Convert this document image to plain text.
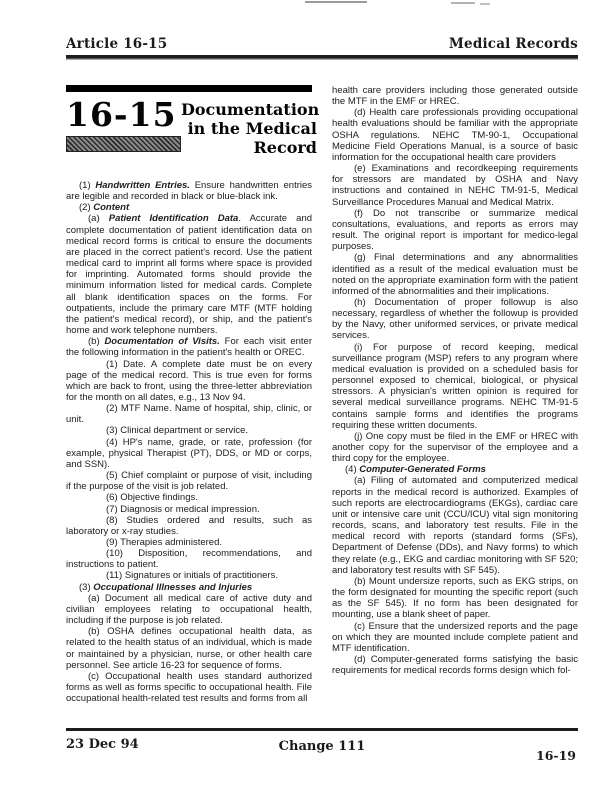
Article 16-15	Medical Records
16-15 Documentation in the Medical Record

(1) Handwritten Entries. Ensure handwritten entries are legible and recorded in black or blue-black ink.

(2) Content

(a) Patient Identification Data. Accurate and complete documentation of patient identification data on medical record forms is critical to ensure the documents are placed in the correct patient's record. Use the patient medical card to imprint all forms where space is provided for imprinting. Automated forms should provide the minimum information listed for medical cards. Complete all blank identification spaces on the forms. For outpatients, include the primary care MTF (MTF holding the patient's medical record), or ship, and the patient's home and work telephone numbers.

(b) Documentation of Visits. For each visit enter the following information in the patient's health or OREC.

(1) Date. A complete date must be on every page of the medical record. This is true even for forms which are back to front, using the three-letter abbreviation for the month on all dates, e.g., 13 Nov 94.

(2) MTF Name. Name of hospital, ship, clinic, or unit.

(3) Clinical department or service.

(4) HP's name, grade, or rate, profession (for example, physical Therapist (PT), DDS, or MD or corps, and SSN).

(5) Chief complaint or purpose of visit, including if the purpose of the visit is job related.

(6) Objective findings.

(7) Diagnosis or medical impression.

(8) Studies ordered and results, such as laboratory or x-ray studies.

(9) Therapies administered.

(10) Disposition, recommendations, and instructions to patient.

(11) Signatures or initials of practitioners.

(3) Occupational Illnesses and Injuries

(a) Document all medical care of active duty and civilian employees relating to occupational health, including if the purpose is job related.

(b) OSHA defines occupational health data, as related to the health status of an individual, which is made or maintained by a physician, nurse, or other health care personnel. See article 16-23 for sequence of forms.

(c) Occupational health uses standard authorized forms as well as forms specific to occupational health. File occupational health-related test results and forms from all

health care providers including those generated outside the MTF in the EMF or HREC.

(d) Health care professionals providing occupational health evaluations should be familiar with the appropriate OSHA regulations. NEHC TM-90-1, Occupational Medicine Field Operations Manual, is a source of basic information for the occupational health care providers

(e) Examinations and recordkeeping requirements for stressors are mandated by OSHA and Navy instructions and contained in NEHC TM-91-5, Medical Surveillance Procedures Manual and Medical Matrix.

(f) Do not transcribe or summarize medical consultations, evaluations, and reports as errors may result. The original report is important for medico-legal purposes.

(g) Final determinations and any abnormalities identified as a result of the medical evaluation must be noted on the appropriate examination form with the patient informed of the abnormalities and their implications.

(h) Documentation of proper followup is also necessary, regardless of whether the followup is provided by the Navy, other uniformed services, or private medical services.

(i) For purpose of record keeping, medical surveillance program (MSP) refers to any program where medical evaluation is provided on a scheduled basis for personnel exposed to chemical, biological, or physical stressors. A physician's written opinion is required for several medical surveillance programs. NEHC TM-91-5 contains sample forms and identifies the programs requiring these written documents.

(j) One copy must be filed in the EMF or HREC with another copy for the supervisor of the employee and a third copy for the employee.

(4) Computer-Generated Forms

(a) Filing of automated and computerized medical reports in the medical record is authorized. Examples of such reports are electrocardiograms (EKGs), cardiac care unit or intensive care unit (CCU/ICU) vital sign monitoring records, scans, and laboratory test results. File in the medical record with reports (standard forms (SFs), Department of Defense (DDs), and Navy forms) to which they relate (e.g., EKG and cardiac monitoring with SF 520; and laboratory test results with SF 545).

(b) Mount undersize reports, such as EKG strips, on the form designated for mounting the specific report (such as the SF 545). If no form has been designated for mounting, use a blank sheet of paper.

(c) Ensure that the undersized reports and the page on which they are mounted include complete patient and MTF identification.

(d) Computer-generated forms satisfying the basic requirements for medical records forms design which fol-

23 Dec 94	Change 111
16-19
